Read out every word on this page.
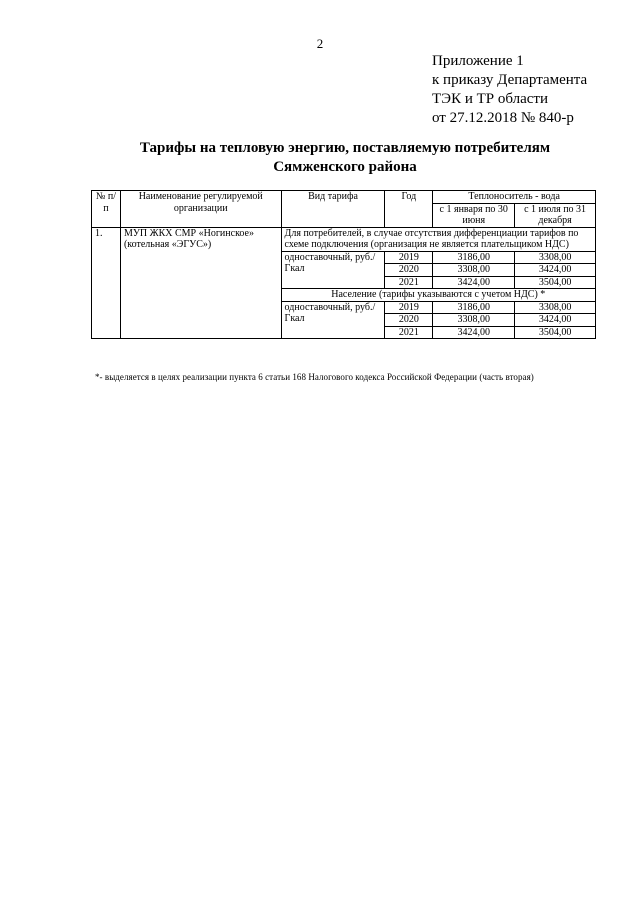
2
Приложение 1
к приказу Департамента
ТЭК и ТР области
от 27.12.2018 № 840-р
Тарифы на тепловую энергию, поставляемую потребителям
Сямженского района
№ п/п	Наименование регулируемой организации	Вид тарифа	Год	Теплоноситель - вода	
				с 1 января по 30 июня	с 1 июля по 31 декабря
1.	МУП ЖКХ СМР «Ногинское» (котельная «ЭГУС»)	Для потребителей, в случае отсутствия дифференциации тарифов по схеме подключения (организация не является плательщиком НДС)			
		одноставочный, руб./Гкал	2019	3186,00	3308,00
			2020	3308,00	3424,00
			2021	3424,00	3504,00
		Население (тарифы указываются с учетом НДС) *			
		одноставочный, руб./Гкал	2019	3186,00	3308,00
			2020	3308,00	3424,00
			2021	3424,00	3504,00
*- выделяется в целях реализации пункта 6 статьи 168 Налогового кодекса Российской Федерации (часть вторая)
